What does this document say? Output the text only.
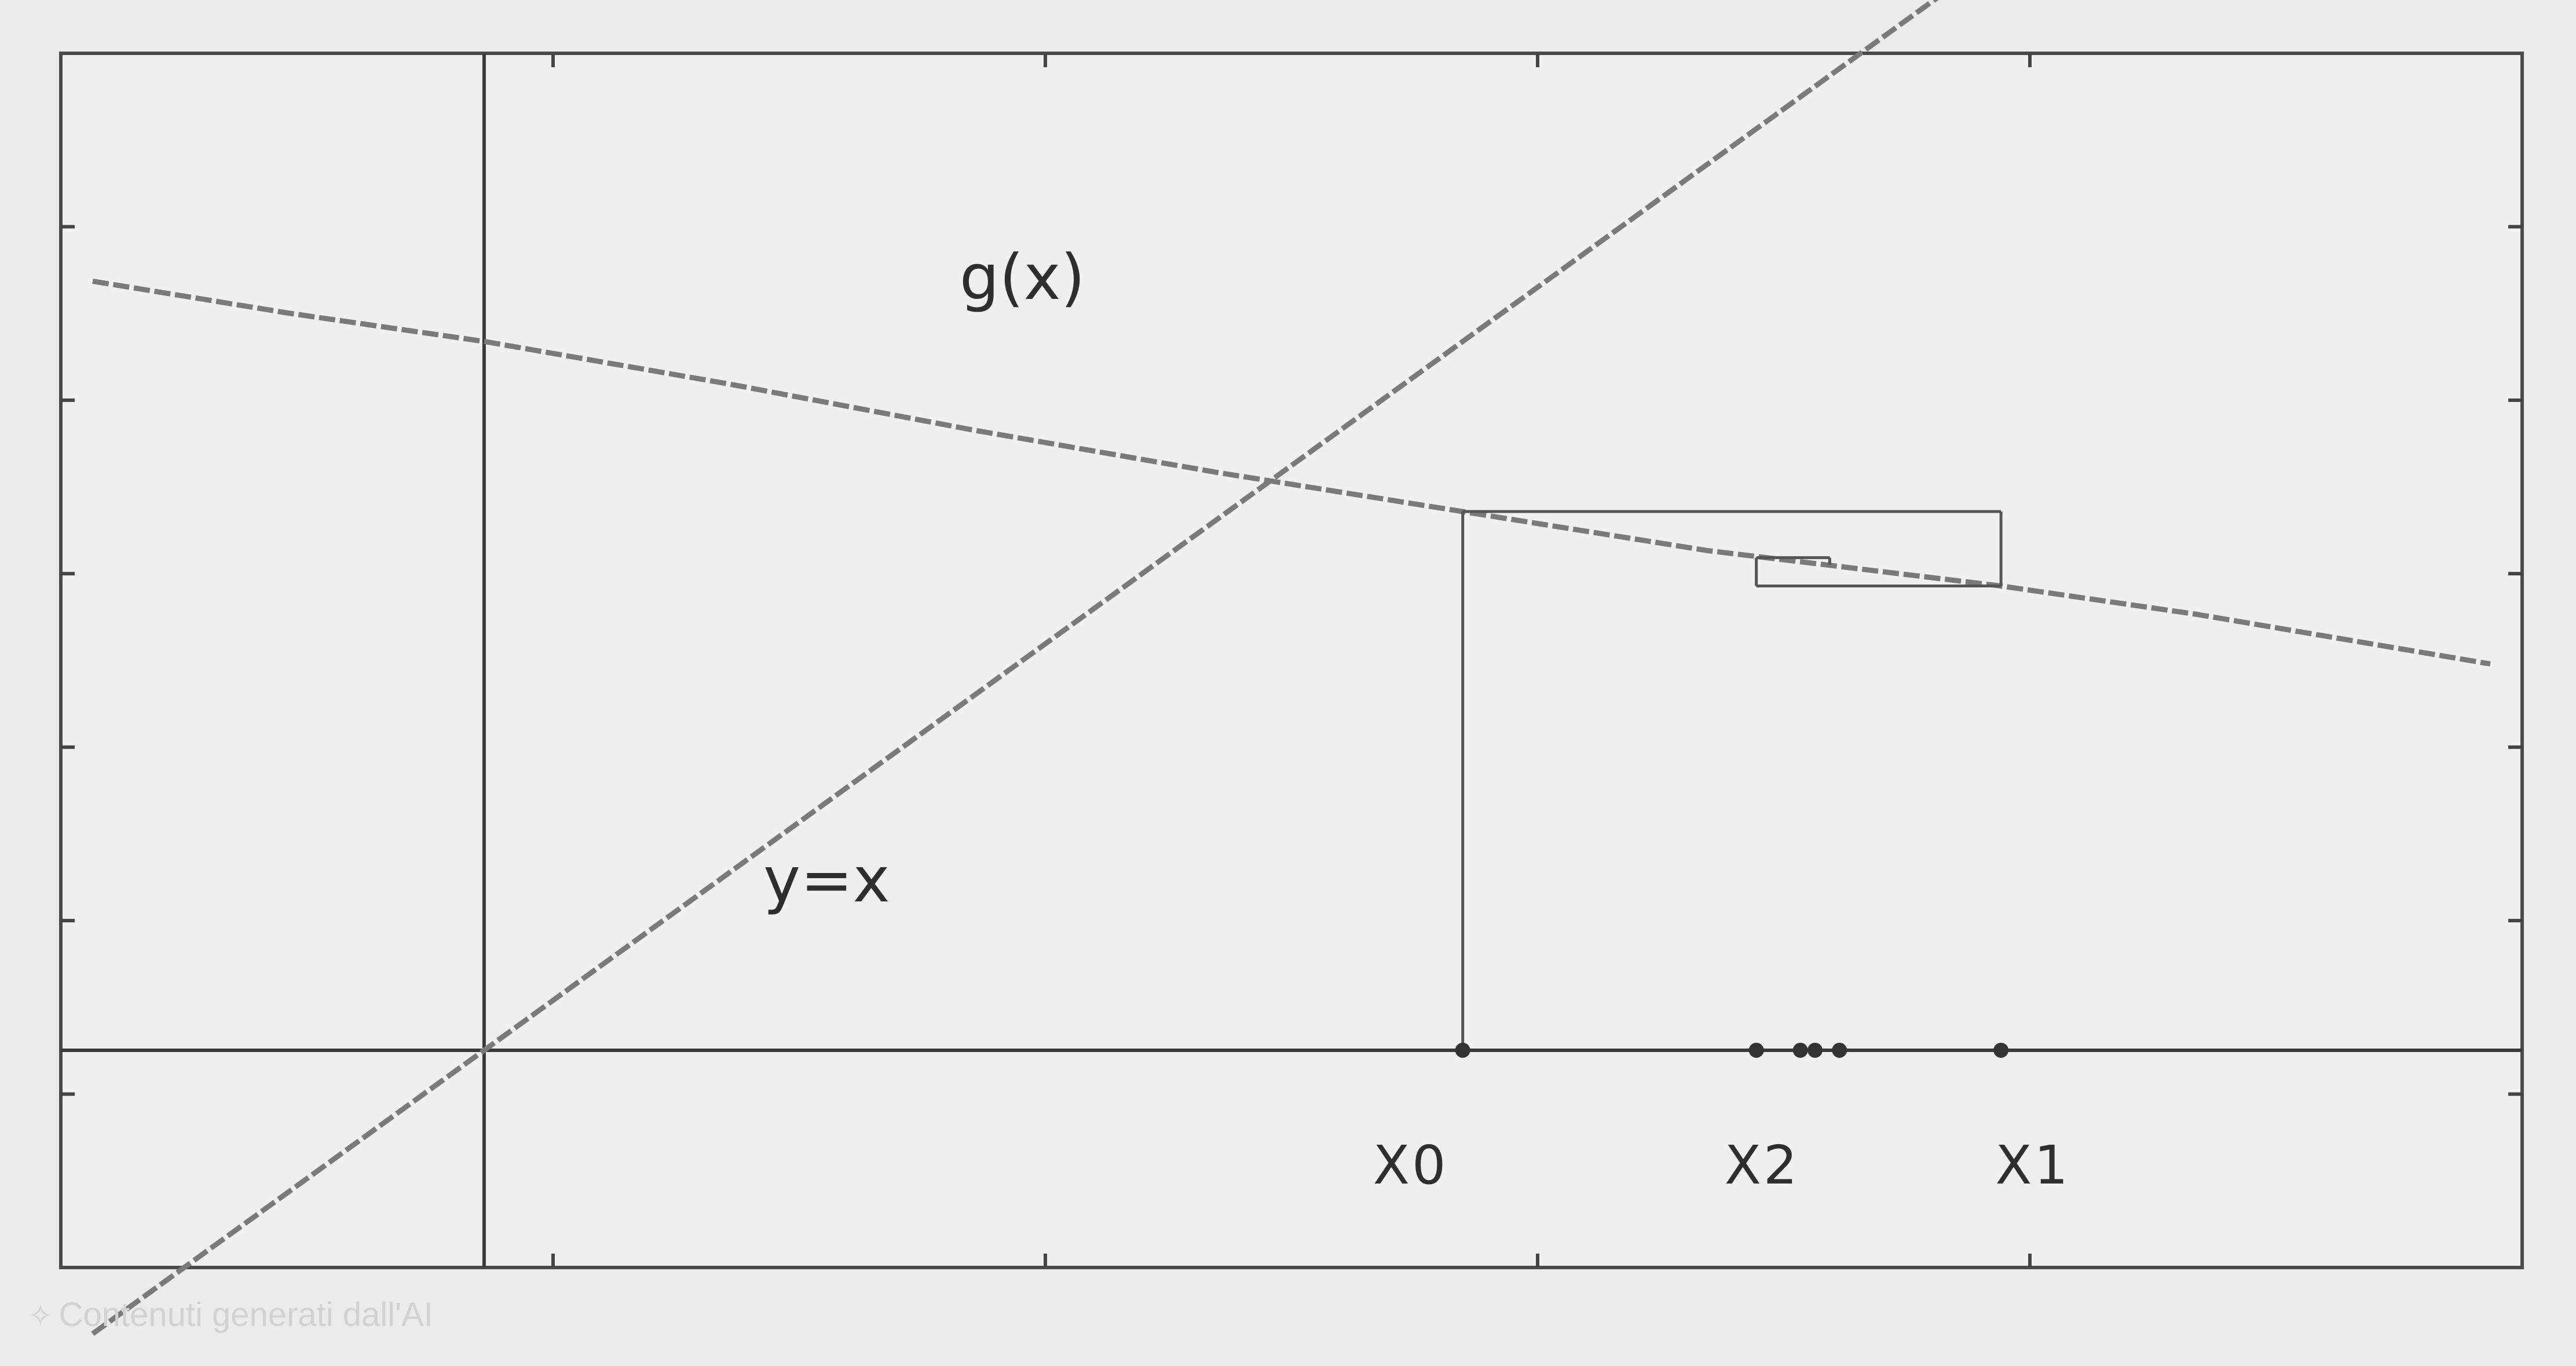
g(x)
y=x
X0	X2	X1
✧ Contenuti generati dall'AI
